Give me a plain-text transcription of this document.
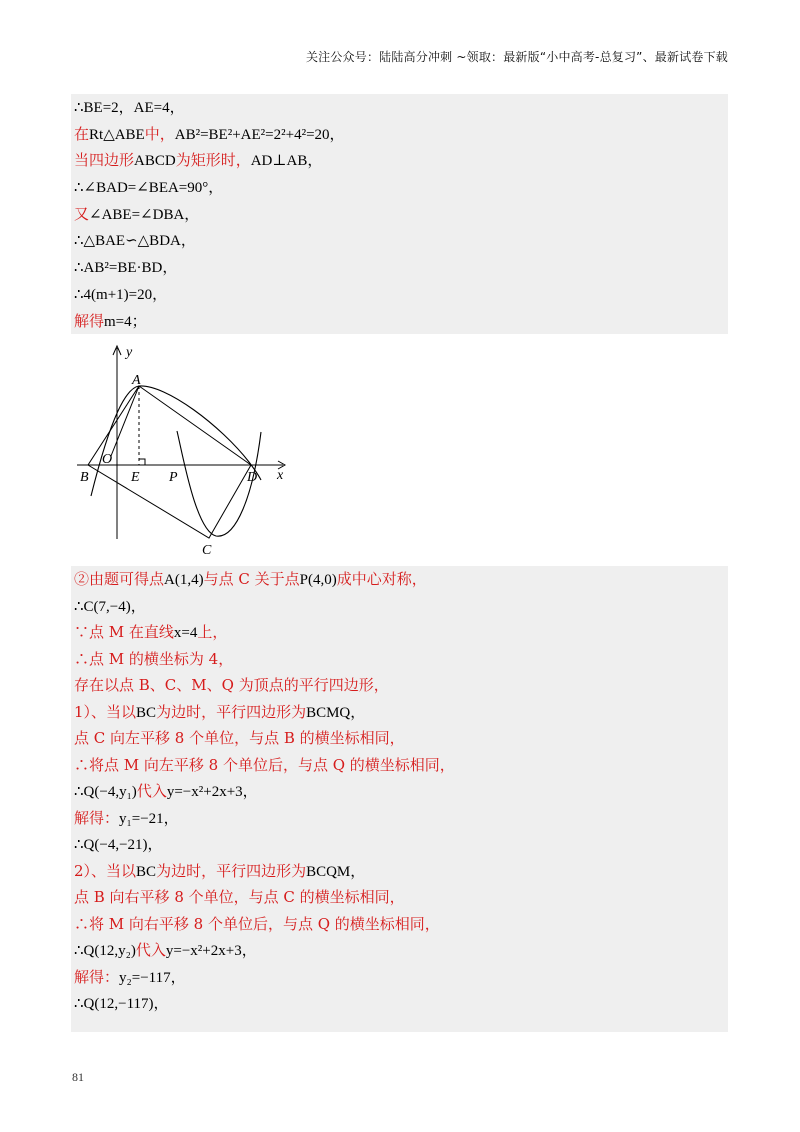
关注公众号：陆陆高分冲刺 ~领取：最新版“小中高考-总复习”、最新试卷下载
∴BE=2，AE=4，
在Rt△ABE中，AB²=BE²+AE²=2²+4²=20，
当四边形ABCD为矩形时，AD⊥AB，
∴∠BAD=∠BEA=90°，
又∠ABE=∠DBA，
∴△BAE∽△BDA，
∴AB²=BE·BD，
∴4(m+1)=20，
解得m=4；
y
x
A
B
O
E P	D
C
②由题可得点A(1,4)与点 C 关于点P(4,0)成中心对称，
∴C(7,−4)，
∵点 M 在直线x=4上，
∴点 M 的横坐标为 4，
存在以点 B、C、M、Q 为顶点的平行四边形，
1）、当以BC为边时，平行四边形为BCMQ，
点 C 向左平移 8 个单位，与点 B 的横坐标相同，
∴将点 M 向左平移 8 个单位后，与点 Q 的横坐标相同，
∴Q(−4,y₁)代入y=−x²+2x+3，
解得：y₁=−21，
∴Q(−4,−21)，
2）、当以BC为边时，平行四边形为BCQM，
点 B 向右平移 8 个单位，与点 C 的横坐标相同，
∴将 M 向右平移 8 个单位后，与点 Q 的横坐标相同，
∴Q(12,y₂)代入y=−x²+2x+3，
解得：y₂=−117，
∴Q(12,−117)，
81
